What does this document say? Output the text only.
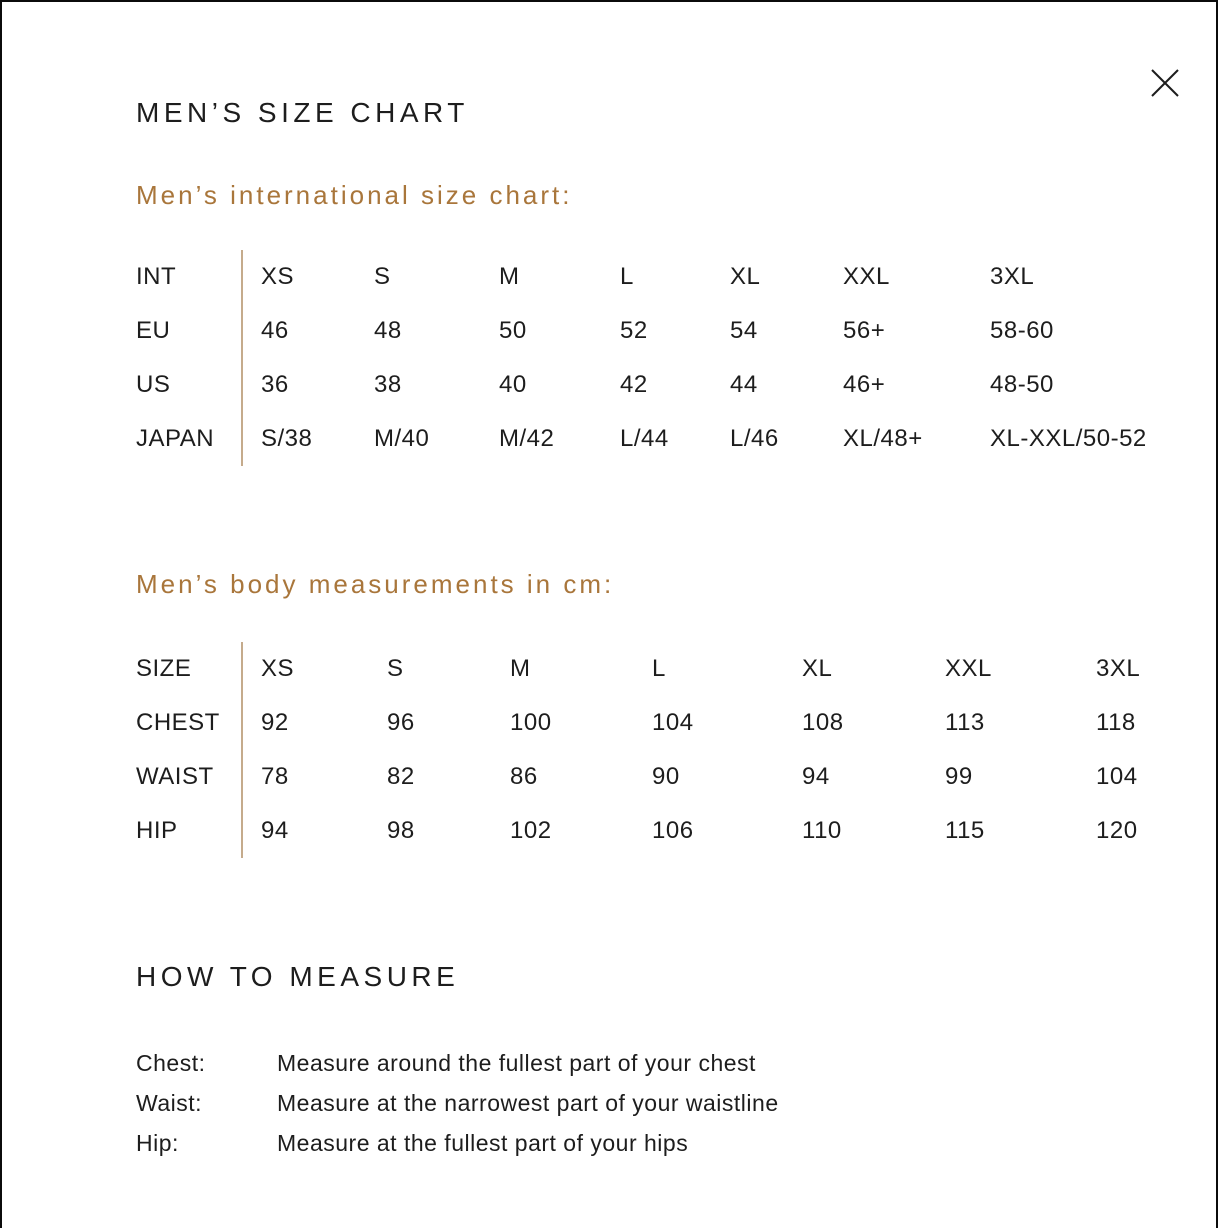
MEN’S SIZE CHART
Men’s international size chart:
INT	XS	S	M	L	XL	XXL	3XL
EU	46	48	50	52	54	56+	58-60
US	36	38	40	42	44	46+	48-50
JAPAN	S/38	M/40	M/42	L/44	L/46	XL/48+	XL-XXL/50-52
Men’s body measurements in cm:
SIZE	XS	S	M	L	XL	XXL	3XL
CHEST	92	96	100	104	108	113	118
WAIST	78	82	86	90	94	99	104
HIP	94	98	102	106	110	115	120
HOW TO MEASURE
Chest:	Measure around the fullest part of your chest
Waist:	Measure at the narrowest part of your waistline
Hip:	Measure at the fullest part of your hips
